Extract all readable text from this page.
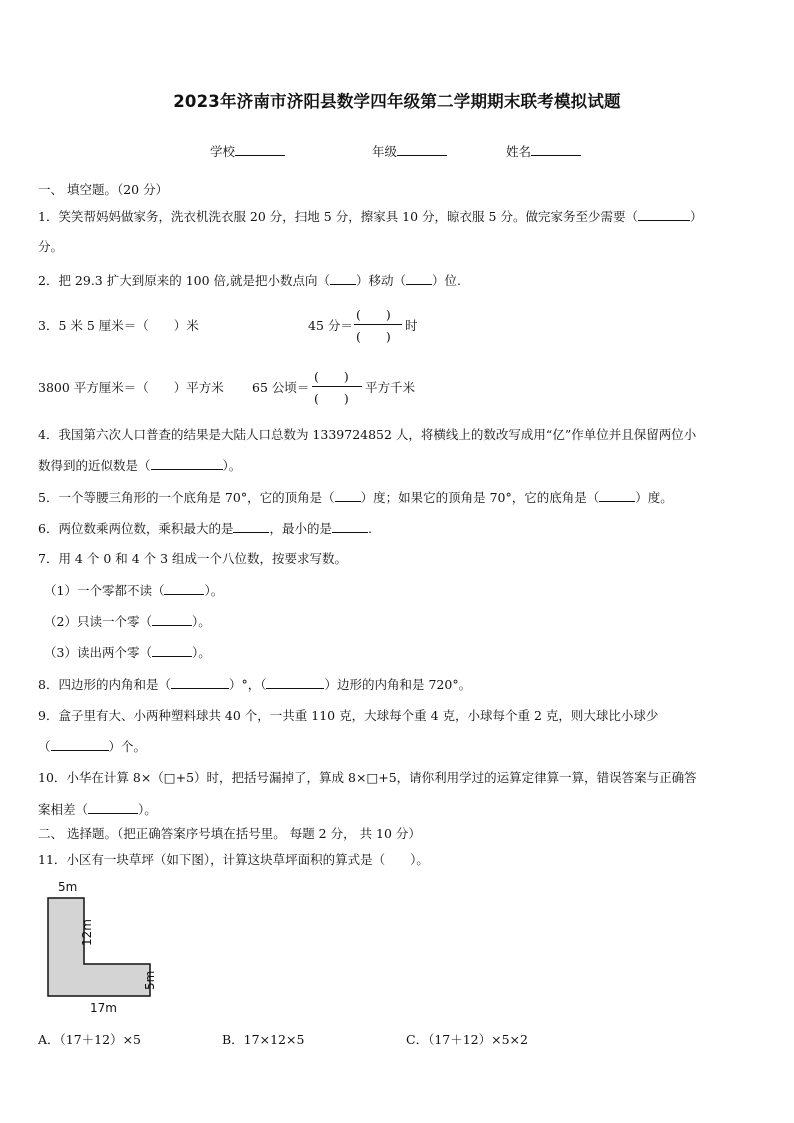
2023年济南市济阳县数学四年级第二学期期末联考模拟试题
学校	年级	姓名
一、 填空题。（20 分）
1．笑笑帮妈妈做家务，洗衣机洗衣服 20 分，扫地 5 分，擦家具 10 分，晾衣服 5 分。做完家务至少需要（	）
分。
2．把 29.3 扩大到原来的 100 倍,就是把小数点向（ ）移动（ ）位.
3．5 米 5 厘米＝（　　）米	45 分＝
(　　)
(　　)
时
3800 平方厘米＝（　　）平方米 65 公顷＝
(　　)
(　　)
平方千米
4．我国第六次人口普查的结果是大陆人口总数为 1339724852 人，将横线上的数改写成用“亿”作单位并且保留两位小
数得到的近似数是（	）。
5．一个等腰三角形的一个底角是 70°，它的顶角是（ ）度；如果它的顶角是 70°，它的底角是（	）度。
6．两位数乘两位数，乘积最大的是	，最小的是	.
7．用 4 个 0 和 4 个 3 组成一个八位数，按要求写数。
（1）一个零都不读（	）。
（2）只读一个零（	）。
（3）读出两个零（	）。
8．四边形的内角和是（	）°，（	）边形的内角和是 720°。
9．盒子里有大、小两种塑料球共 40 个，一共重 110 克，大球每个重 4 克，小球每个重 2 克，则大球比小球少
（	）个。
10．小华在计算 8×（□+5）时，把括号漏掉了，算成 8×□+5，请你利用学过的运算定律算一算，错误答案与正确答
案相差（	）。
二、 选择题。（把正确答案序号填在括号里。 每题 2 分， 共 10 分）
11．小区有一块草坪（如下图），计算这块草坪面积的算式是（　　）。
5m
12m
5m
17m
A．（17＋12）×5	B．17×12×5	C．（17＋12）×5×2
